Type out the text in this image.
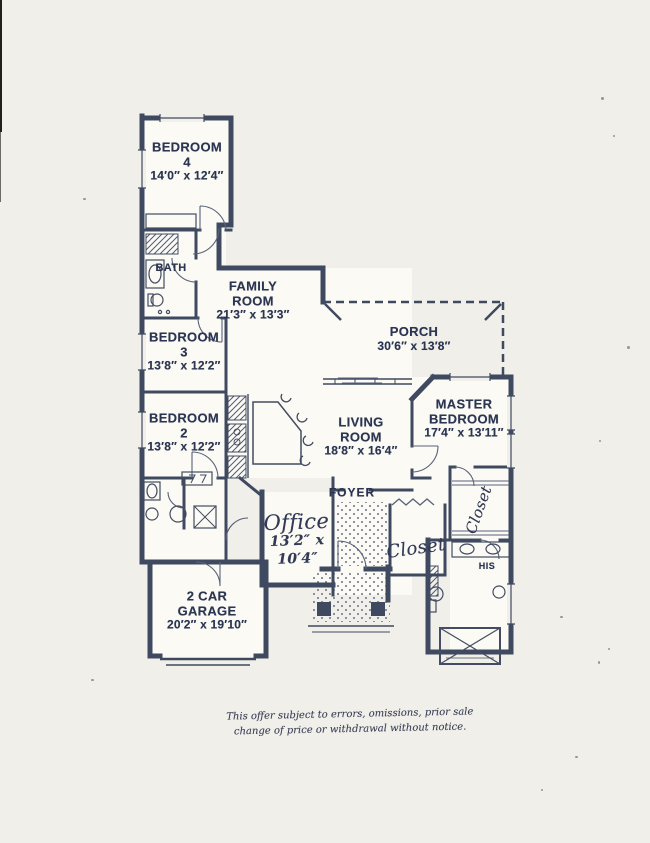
BEDROOM
4
14′0″ x 12′4″
BATH
FAMILY
ROOM
21′3″ x 13′3″
PORCH
30′6″ x 13′8″
BEDROOM
3
13′8″ x 12′2″
BEDROOM
2
13′8″ x 12′2″
MASTER
BEDROOM
17′4″ x 13′11″
LIVING
ROOM
18′8″ x 16′4″
FOYER
Office
13′2″ x
10′4″	Closet
Closet
HIS
2 CAR
GARAGE
20′2″ x 19′10″
This offer subject to errors, omissions, prior sale
change of price or withdrawal without notice.
